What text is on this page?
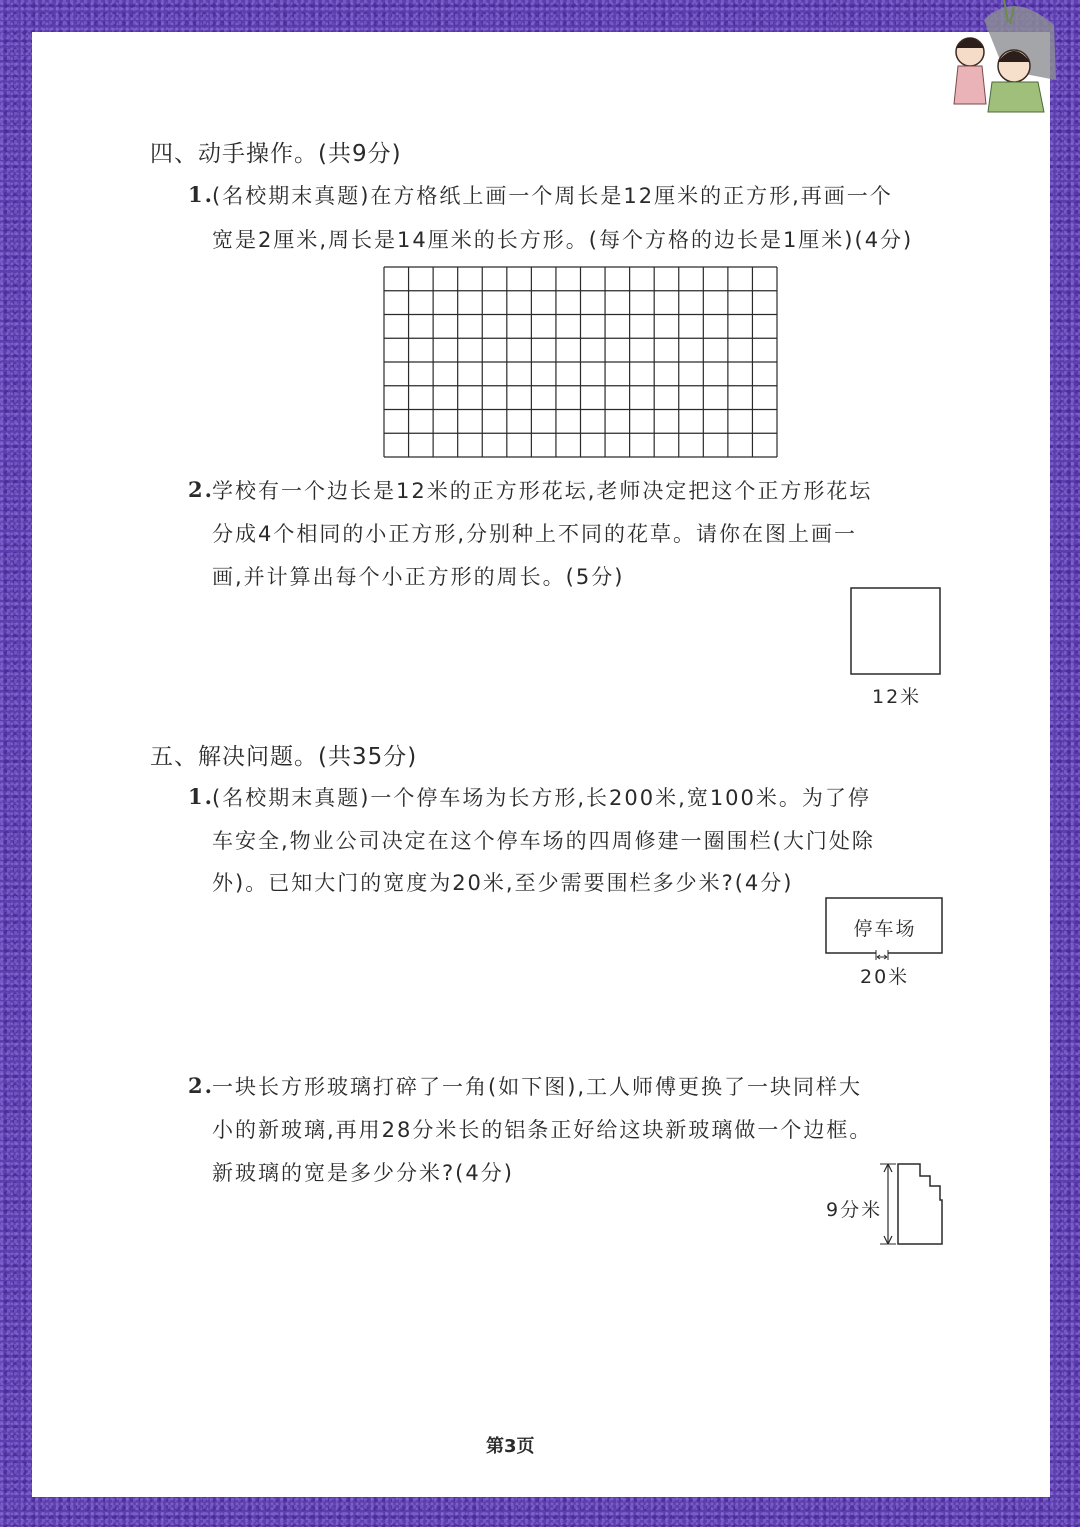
四、动手操作。(共9分)
1.
(名校期末真题)在方格纸上画一个周长是12厘米的正方形,再画一个
宽是2厘米,周长是14厘米的长方形。(每个方格的边长是1厘米)(4分)
2.
学校有一个边长是12米的正方形花坛,老师决定把这个正方形花坛
分成4个相同的小正方形,分别种上不同的花草。请你在图上画一
画,并计算出每个小正方形的周长。(5分)
12米
五、解决问题。(共35分)
1.
(名校期末真题)一个停车场为长方形,长200米,宽100米。为了停
车安全,物业公司决定在这个停车场的四周修建一圈围栏(大门处除
外)。已知大门的宽度为20米,至少需要围栏多少米?(4分)
停车场
20米
2.
一块长方形玻璃打碎了一角(如下图),工人师傅更换了一块同样大
小的新玻璃,再用28分米长的铝条正好给这块新玻璃做一个边框。
新玻璃的宽是多少分米?(4分)
9分米
第3页
